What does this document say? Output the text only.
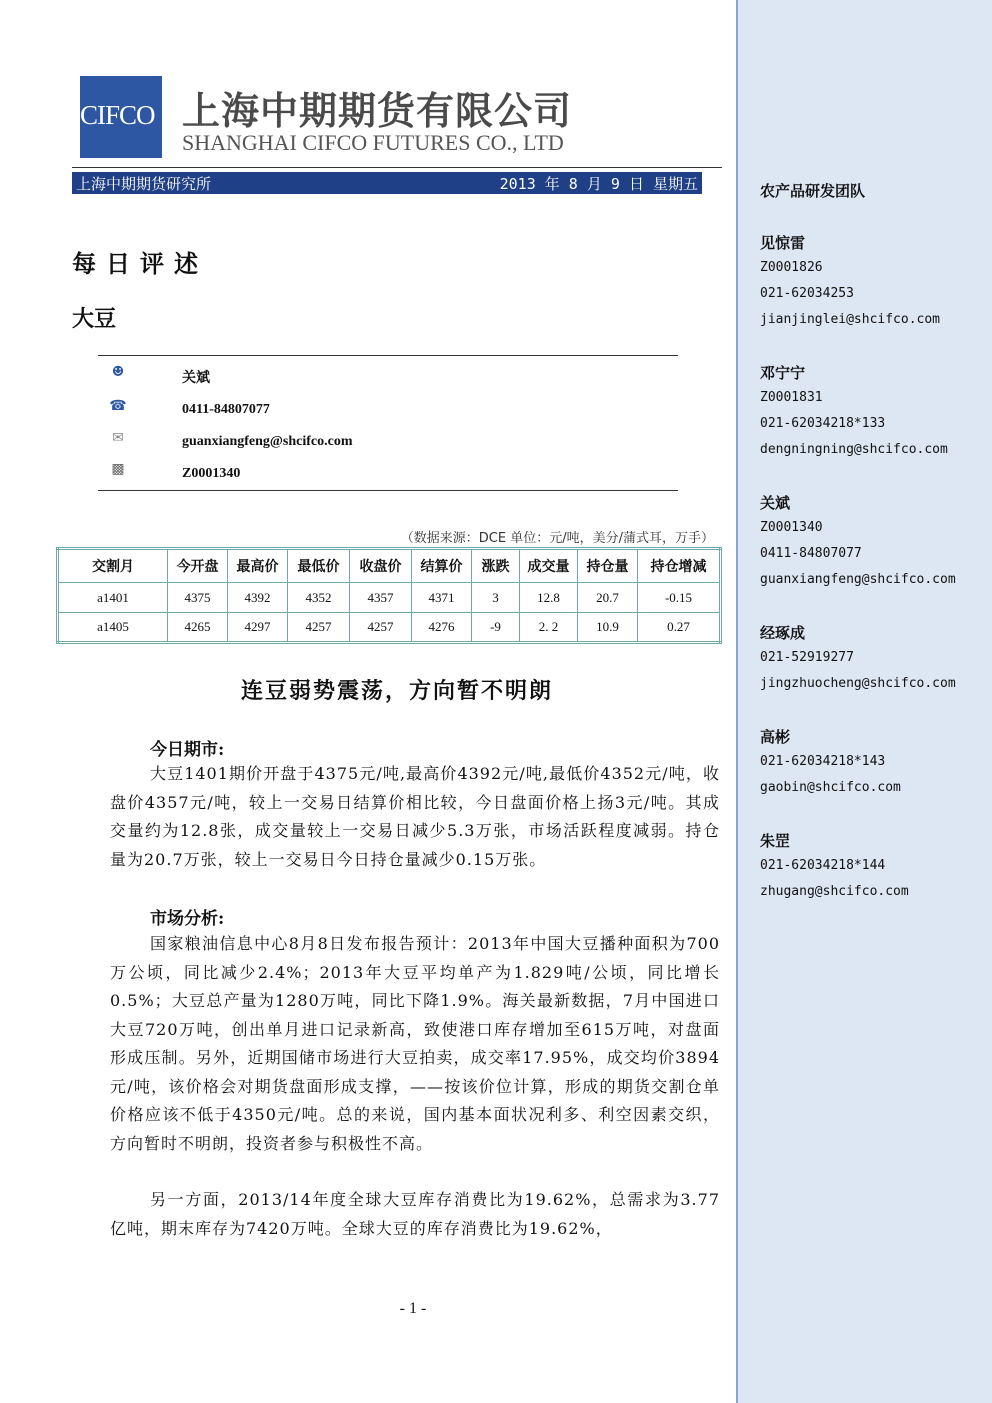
CIFCO 上海中期期货有限公司
SHANGHAI CIFCO FUTURES CO., LTD
上海中期期货研究所	2013 年 8 月 9 日 星期五
每日评述
大豆
☻	关斌
☎	0411-84807077
✉	guanxiangfeng@shcifco.com
▩	Z0001340
（数据来源：DCE 单位：元/吨，美分/蒲式耳，万手）
交割月	今开盘	最高价	最低价	收盘价	结算价	涨跌	成交量	持仓量	持仓增减
a1401	4375	4392	4352	4357	4371	3	12.8	20.7	-0.15
a1405	4265	4297	4257	4257	4276	-9	2. 2	10.9	0.27
连豆弱势震荡，方向暂不明朗
今日期市:
大豆1401期价开盘于4375元/吨,最高价4392元/吨,最低价4352元/吨，收盘价4357元/吨，较上一交易日结算价相比较，今日盘面价格上扬3元/吨。其成交量约为12.8张，成交量较上一交易日减少5.3万张，市场活跃程度减弱。持仓量为20.7万张，较上一交易日今日持仓量减少0.15万张。
市场分析:
国家粮油信息中心8月8日发布报告预计：2013年中国大豆播种面积为700万公顷，同比减少2.4%；2013年大豆平均单产为1.829吨/公顷，同比增长0.5%；大豆总产量为1280万吨，同比下降1.9%。海关最新数据，7月中国进口大豆720万吨，创出单月进口记录新高，致使港口库存增加至615万吨，对盘面形成压制。另外，近期国储市场进行大豆拍卖，成交率17.95%，成交均价3894元/吨，该价格会对期货盘面形成支撑，——按该价位计算，形成的期货交割仓单价格应该不低于4350元/吨。总的来说，国内基本面状况利多、利空因素交织，方向暂时不明朗，投资者参与积极性不高。
另一方面，2013/14年度全球大豆库存消费比为19.62%，总需求为3.77亿吨，期末库存为7420万吨。全球大豆的库存消费比为19.62%，
- 1 -
农产品研发团队
见惊雷
Z0001826
021-62034253
jianjinglei@shcifco.com
邓宁宁
Z0001831
021-62034218*133
dengningning@shcifco.com
关斌
Z0001340
0411-84807077
guanxiangfeng@shcifco.com
经琢成
021-52919277
jingzhuocheng@shcifco.com
高彬
021-62034218*143
gaobin@shcifco.com
朱罡
021-62034218*144
zhugang@shcifco.com
